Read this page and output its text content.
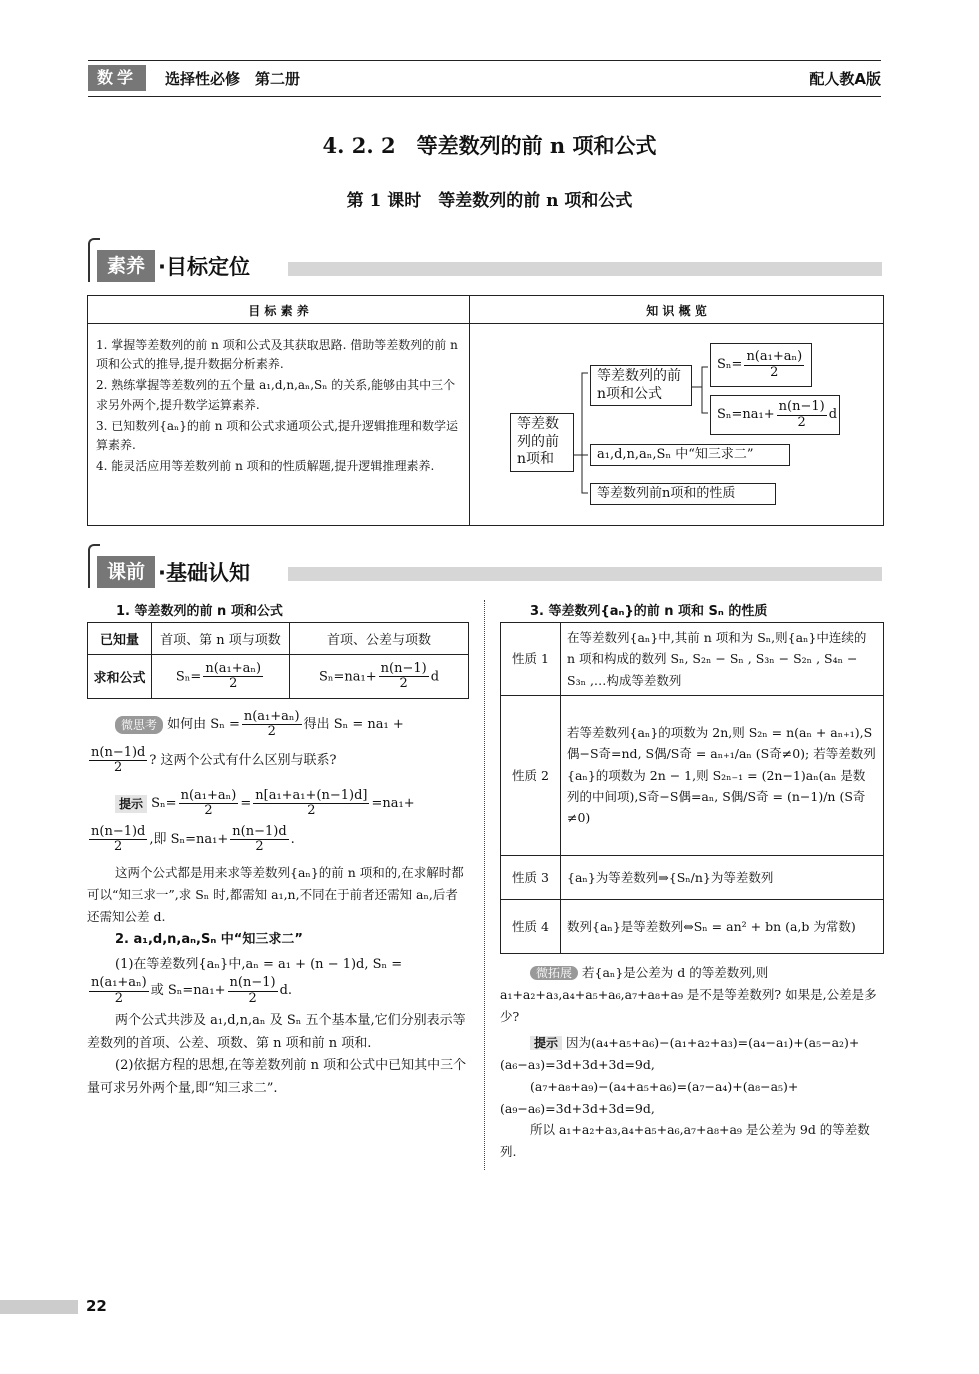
数学	选择性必修　第二册	配人教A版
4. 2. 2　等差数列的前 n 项和公式
第 1 课时　等差数列的前 n 项和公式
素养 ·目标定位
目 标 素 养	知 识 概 览
1. 掌握等差数列的前 n 项和公式及其获取思路. 借助等差数列的前 n 项和公式的推导,提升数据分析素养.
2. 熟练掌握等差数列的五个量 a₁,d,n,aₙ,Sₙ 的关系,能够由其中三个求另外两个,提升数学运算素养.
3. 已知数列{aₙ}的前 n 项和公式求通项公式,提升逻辑推理和数学运算素养.
4. 能灵活应用等差数列前 n 项和的性质解题,提升逻辑推理素养.
等差数列的前n项和
等差数列的前n项和公式
$S_n= \frac{\text{n(a₁+aₙ)}}{2}$
$S_n=na_1+ \frac{n(n-1)}{2}$ d
a₁,d,n,aₙ,Sₙ 中“知三求二”
等差数列前n项和的性质
课前 ·基础认知
1. 等差数列的前 n 项和公式
已知量	首项、第 n 项与项数	首项、公差与项数
求和公式	$S_n= \frac{\text{n(a₁+aₙ)}}{2}$	$S_n=na_1+ \frac{n(n-1)}{2}$ d
微思考
如何由 $S_n = \frac{\text{n(a₁+aₙ)}}{2}$ 得出 Sₙ = na₁ +
$\frac{n(n-1)d}{2}$ ? 这两个公式有什么区别与联系?
提示
$S_n= \frac{\text{n(a₁+aₙ)}}{2} = \frac{\text{n[a₁+a₁+(n−1)d]}}{2} =na_1+$
$\frac{n(n-1)d}{2}$ ,即 $S_n=na_1+ \frac{n(n-1)d}{2}$ .

这两个公式都是用来求等差数列{aₙ}的前 n 项和的,在求解时都可以“知三求一”,求 Sₙ 时,都需知 a₁,n,不同在于前者还需知 aₙ,后者还需知公差 d.

2. a₁,d,n,aₙ,Sₙ 中“知三求二”

(1)在等差数列{aₙ}中,aₙ = a₁ + (n − 1)d, Sₙ =

$\frac{\text{n(a₁+aₙ)}}{2}$ 或 $S_n=na_1+ \frac{n(n-1)}{2} d$.

两个公式共涉及 a₁,d,n,aₙ 及 Sₙ 五个基本量,它们分别表示等差数列的首项、公差、项数、第 n 项和前 n 项和.

(2)依据方程的思想,在等差数列前 n 项和公式中已知其中三个量可求另外两个量,即“知三求二”.

3. 等差数列{aₙ}的前 n 项和 Sₙ 的性质
性质 1	在等差数列{aₙ}中,其前 n 项和为 Sₙ,则{aₙ}中连续的 n 项和构成的数列 Sₙ, S₂ₙ − Sₙ , S₃ₙ − S₂ₙ , S₄ₙ − S₃ₙ ,…构成等差数列
性质 2	若等差数列{aₙ}的项数为 2n,则 S₂ₙ = n(aₙ + aₙ₊₁),S偶−S奇=nd, S偶/S奇 = aₙ₊₁/aₙ (S奇≠0); 若等差数列{aₙ}的项数为 2n − 1,则 S₂ₙ₋₁ = (2n−1)aₙ(aₙ 是数列的中间项),S奇−S偶=aₙ, S偶/S奇 = (n−1)/n (S奇≠0)
性质 3	{aₙ}为等差数列⇒{Sₙ/n}为等差数列
性质 4	数列{aₙ}是等差数列⇔Sₙ = an² + bn (a,b 为常数)

微拓展 若{aₙ}是公差为 d 的等差数列,则 a₁+a₂+a₃,a₄+a₅+a₆,a₇+a₈+a₉ 是不是等差数列? 如果是,公差是多少?

提示 因为(a₄+a₅+a₆)−(a₁+a₂+a₃)=(a₄−a₁)+(a₅−a₂)+(a₆−a₃)=3d+3d+3d=9d,

(a₇+a₈+a₉)−(a₄+a₅+a₆)=(a₇−a₄)+(a₈−a₅)+(a₉−a₆)=3d+3d+3d=9d,

所以 a₁+a₂+a₃,a₄+a₅+a₆,a₇+a₈+a₉ 是公差为 9d 的等差数列.

22
